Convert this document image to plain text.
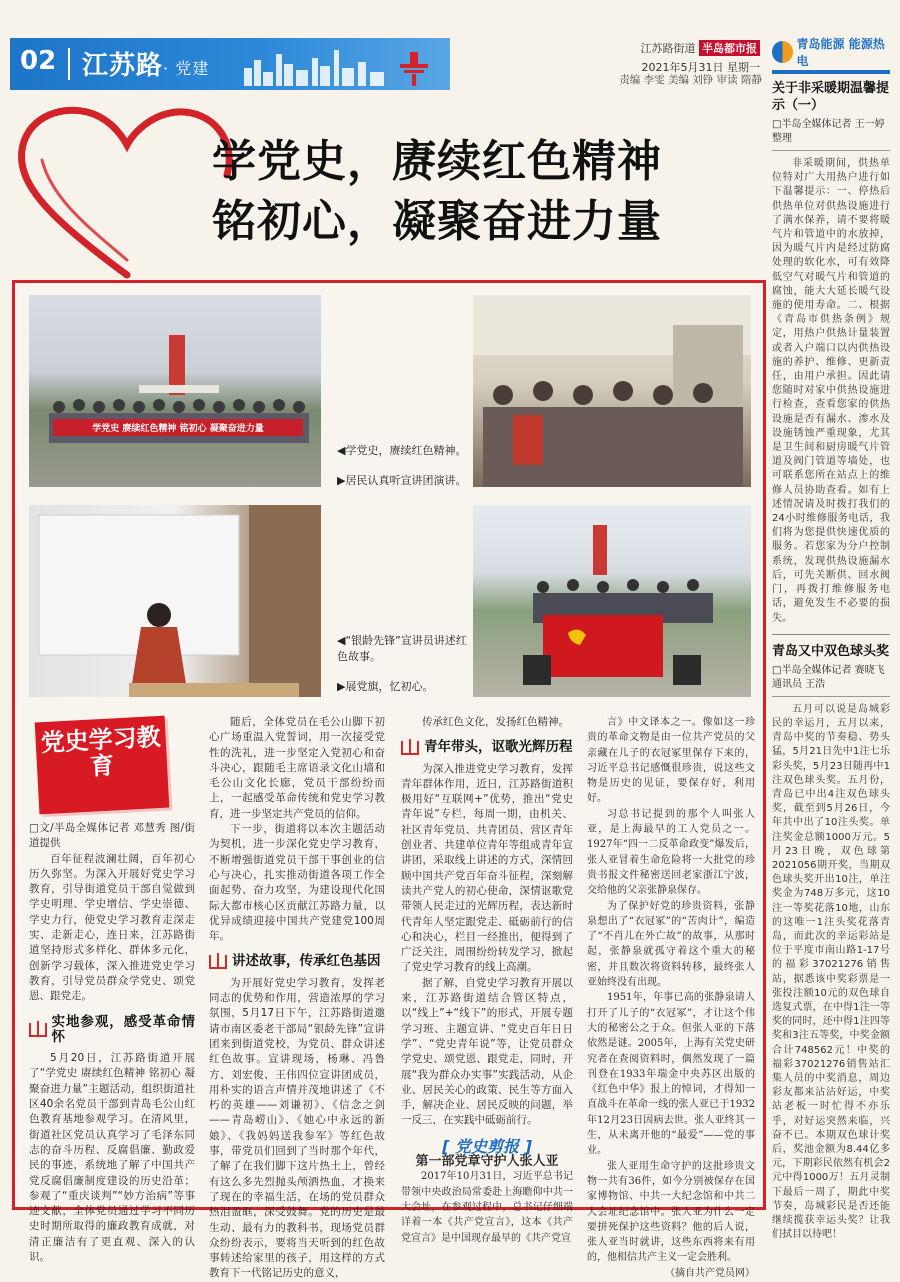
02 江苏路· 党建
江苏路街道 半岛都市报
2021年5月31日 星期一
责编 李雯 美编 刘铮 审读 隋静
学党史，赓续红色精神
铭初心，凝聚奋进力量
学党史 赓续红色精神 铭初心 凝聚奋进力量
◀学党史，赓续红色精神。
▶居民认真听宣讲团演讲。
◀“银龄先锋”宣讲员讲述红色故事。
▶展党旗，忆初心。
党史学习教育

□文/半岛全媒体记者 邓慧秀 图/街道提供

百年征程波澜壮阔，百年初心历久弥坚。为深入开展好党史学习教育，引导街道党员干部自觉做到学史明理、学史增信、学史崇德、学史力行，使党史学习教育走深走实、走新走心，连日来，江苏路街道坚持形式多样化、群体多元化，创新学习载体，深入推进党史学习教育，引导党员群众学党史、颂党恩、跟党走。

实地参观，感受革命情怀

5月20日，江苏路街道开展了“学党史 赓续红色精神 铭初心 凝聚奋进力量”主题活动，组织街道社区40余名党员干部到青岛毛公山红色教育基地参观学习。在清风里，街道社区党员认真学习了毛泽东同志的奋斗历程、反腐倡廉、勤政爱民的事迹，系统地了解了中国共产党反腐倡廉制度建设的历史沿革；参观了“重庆谈判”“妙方治病”等事迹文献，全体党员通过学习不同历史时期所取得的廉政教育成就，对清正廉洁有了更直观、深入的认识。

随后，全体党员在毛公山脚下初心广场重温入党誓词，用一次接受党性的洗礼，进一步坚定入党初心和奋斗决心，跟随毛主席语录文化山墙和毛公山文化长廊，党员干部纷纷而上，一起感受革命传统和党史学习教育，进一步坚定共产党员的信仰。

下一步，街道将以本次主题活动为契机，进一步深化党史学习教育，不断增强街道党员干部干事创业的信心与决心，扎实推动街道各项工作全面起势、奋力攻坚，为建设现代化国际大都市核心区贡献江苏路力量，以优异成绩迎接中国共产党建党100周年。

讲述故事，传承红色基因

为开展好党史学习教育，发挥老同志的优势和作用，营造浓厚的学习氛围，5月17日下午，江苏路街道邀请市南区委老干部局“银龄先锋”宣讲团来到街道党校，为党员、群众讲述红色故事。宣讲现场，杨琳、冯鲁方、刘宏俊、王伟四位宣讲团成员，用朴实的语言声情并茂地讲述了《不朽的英雄——刘谦初》、《信念之剑——青岛崂山》、《她心中永远的新娘》、《我妈妈送我参军》等红色故事，带党员们回到了当时那个年代，了解了在我们脚下这片热土上，曾经有这么多先烈抛头颅洒热血，才换来了现在的幸福生活，在场的党员群众热泪盈眶，深受鼓舞。党的历史是最生动、最有力的教科书，现场党员群众纷纷表示，要将当天听到的红色故事转述给家里的孩子，用这样的方式教育下一代铭记历史的意义，

传承红色文化，发扬红色精神。

青年带头，讴歌光辉历程

为深入推进党史学习教育，发挥青年群体作用，近日，江苏路街道积极用好“互联网+”优势，推出“党史青年说”专栏，每周一期，由机关、社区青年党员、共青团员、营区青年创业者、共建单位青年等组成青年宣讲团，采取线上讲述的方式，深情回顾中国共产党百年奋斗征程，深刻解读共产党人的初心使命，深情讴歌党带领人民走过的光辉历程，表达新时代青年人坚定跟党走、砥砺前行的信心和决心，栏目一经推出，便得到了广泛关注，周围纷纷转发学习，掀起了党史学习教育的线上高潮。

据了解，自党史学习教育开展以来，江苏路街道结合管区特点，以“线上”+“线下”的形式，开展专题学习班、主题宣讲、“党史百年日日学”、“党史青年说”等，让党员群众学党史、颂党恩、跟党走，同时，开展“我为群众办实事”实践活动，从企业、居民关心的政策、民生等方面入手，解决企业、居民反映的问题，举一反三，在实践中砥砺前行。

[ 党史剪报 ]

第一部党章守护人张人亚

2017年10月31日，习近平总书记带领中央政治局常委赴上海瞻仰中共一大会址，在参观过程中，总书记仔细端详着一本《共产党宣言》，这本《共产党宣言》是中国现存最早的《共产党宣

言》中文译本之一。像如这一珍贵的革命文物是由一位共产党员的父亲藏在儿子的衣冠冢里保存下来的，习近平总书记感慨很珍贵，说这些文物是历史的见证，要保存好，利用好。

习总书记提到的那个人叫张人亚，是上海最早的工人党员之一。1927年“四一二反革命政变”爆发后，张人亚冒着生命危险将一大批党的珍贵书报文件秘密送回老家浙江宁波，交给他的父亲张静泉保存。

为了保护好党的珍贵资料，张静泉想出了“衣冠冢”的“苦肉计”，编造了“不肖儿在外亡故”的故事，从那时起，张静泉就孤守着这个重大的秘密，并且数次将资料转移，最终张人亚始终没有出现。

1951年，年事已高的张静泉请人打开了儿子的“衣冠冢”，才让这个伟大的秘密公之于众。但张人亚的下落依然是谜。2005年，上海有关党史研究者在查阅资料时，偶然发现了一篇刊登在1933年瑞金中央苏区出版的《红色中华》报上的悼词，才得知一直战斗在革命一线的张人亚已于1932年12月23日因病去世。张人亚终其一生，从未离开他的“最爱”——党的事业。

张人亚用生命守护的这批珍贵文物一共有36件，如今分别被保存在国家博物馆、中共一大纪念馆和中共二大会址纪念馆中。张人亚为什么一定要拼死保护这些资料？他的后人说，张人亚当时就讲，这些东西将来有用的，他相信共产主义一定会胜利。

（摘自共产党员网）

青岛能源 能源热电
关于非采暖期温馨提示（一）
□半岛全媒体记者 王一婷 整理

非采暖期间，供热单位特对广大用热户进行如下温馨提示：一、停热后供热单位对供热设施进行了满水保养，请不要将暖气片和管道中的水放掉，因为暖气片内是经过防腐处理的软化水，可有效降低空气对暖气片和管道的腐蚀，能大大延长暖气设施的使用寿命。二、根据《青岛市供热条例》规定，用热户供热计量装置或者入户端口以内供热设施的养护、维修、更新责任，由用户承担。因此请您随时对家中供热设施进行检查，查看您家的供热设施是否有漏水、渗水及设施锈蚀严重现象，尤其是卫生间和厨房暖气片管道及阀门管道等墙处，也可联系您所在站点上的维修人员协助查看。如有上述情况请及时拨打我们的24小时维修服务电话，我们将为您提供快速优质的服务。若您家为分户控制系统，发现供热设施漏水后，可先关断供、回水阀门，再拨打维修服务电话，避免发生不必要的损失。

青岛又中双色球头奖
□半岛全媒体记者 赛晓飞 通讯员 王浩

五月可以说是岛城彩民的幸运月，五月以来，青岛中奖的节奏稳、势头猛，5月21日先中1注七乐彩头奖，5月23日随再中1注双色球头奖。五月份，青岛已中出4注双色球头奖，截至到5月26日，今年共中出了10注头奖。单注奖金总额1000万元。5月23日晚，双色球第2021056期开奖，当期双色球头奖开出10注，单注奖金为748万多元，这10注一等奖花落10地，山东的这唯一1注头奖花落青岛，而此次的幸运彩站是位于平度市南山路1-17号的福彩37021276销售站，据悉该中奖彩票是一张投注额10元的双色球自选复式票，在中得1注一等奖的同时，还中得1注四等奖和3注五等奖，中奖金额合计748562元！中奖的福彩37021276销售站汇集人员的中奖消息，周边彩友都来沾沾好运，中奖站老板一时忙得不亦乐乎，对好运突然来临，兴奋不已。本期双色球计奖后，奖池金额为8.44亿多元，下期彩民依然有机会2元中得1000万！五月灵制下最后一周了，期此中奖节奏，岛城彩民是否还能继续揽获幸运头奖？让我们拭目以待吧！
